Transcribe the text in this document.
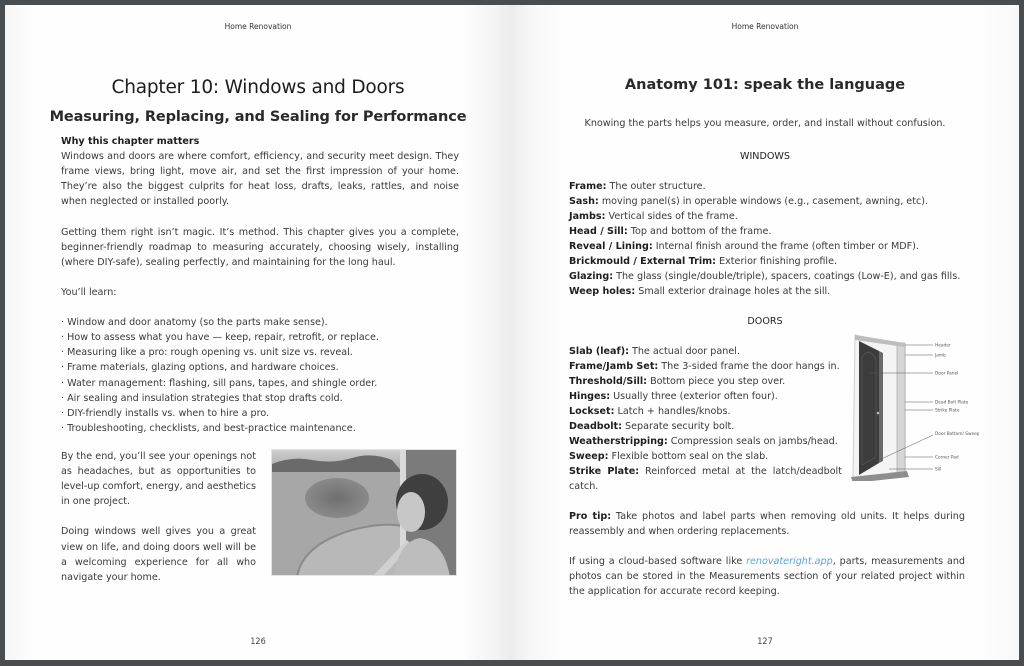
Home Renovation
Chapter 10: Windows and Doors
Measuring, Replacing, and Sealing for Performance
Why this chapter matters

Windows and doors are where comfort, efficiency, and security meet design. They frame views, bring light, move air, and set the first impression of your home. They’re also the biggest culprits for heat loss, drafts, leaks, rattles, and noise when neglected or installed poorly.

Getting them right isn’t magic. It’s method. This chapter gives you a complete, beginner-friendly roadmap to measuring accurately, choosing wisely, installing (where DIY-safe), sealing perfectly, and maintaining for the long haul.

You’ll learn:

· Window and door anatomy (so the parts make sense).
· How to assess what you have — keep, repair, retrofit, or replace.
· Measuring like a pro: rough opening vs. unit size vs. reveal.
· Frame materials, glazing options, and hardware choices.
· Water management: flashing, sill pans, tapes, and shingle order.
· Air sealing and insulation strategies that stop drafts cold.
· DIY-friendly installs vs. when to hire a pro.
· Troubleshooting, checklists, and best-practice maintenance.

By the end, you’ll see your openings not as headaches, but as opportunities to level-up comfort, energy, and aesthetics in one project.

Doing windows well gives you a great view on life, and doing doors well will be a welcoming experience for all who navigate your home.

126
Home Renovation
Anatomy 101: speak the language

Knowing the parts helps you measure, order, and install without confusion.

WINDOWS
Frame: The outer structure.
Sash: moving panel(s) in operable windows (e.g., casement, awning, etc).
Jambs: Vertical sides of the frame.
Head / Sill: Top and bottom of the frame.
Reveal / Lining: Internal finish around the frame (often timber or MDF).
Brickmould / External Trim: Exterior finishing profile.
Glazing: The glass (single/double/triple), spacers, coatings (Low-E), and gas fills.
Weep holes: Small exterior drainage holes at the sill.
DOORS
Slab (leaf): The actual door panel.
Frame/Jamb Set: The 3-sided frame the door hangs in.
Threshold/Sill: Bottom piece you step over.
Hinges: Usually three (exterior often four).
Lockset: Latch + handles/knobs.
Deadbolt: Separate security bolt.
Weatherstripping: Compression seals on jambs/head.
Sweep: Flexible bottom seal on the slab.
Strike Plate: Reinforced metal at the latch/deadbolt catch.
Header
Jamb
Door Panel
Dead Bolt Plate
Strike Plate
Door Bottom/ Sweep
Corner Pad
Sill

Pro tip: Take photos and label parts when removing old units. It helps during reassembly and when ordering replacements.

If using a cloud-based software like renovateright.app, parts, measurements and photos can be stored in the Measurements section of your related project within the application for accurate record keeping.

127
